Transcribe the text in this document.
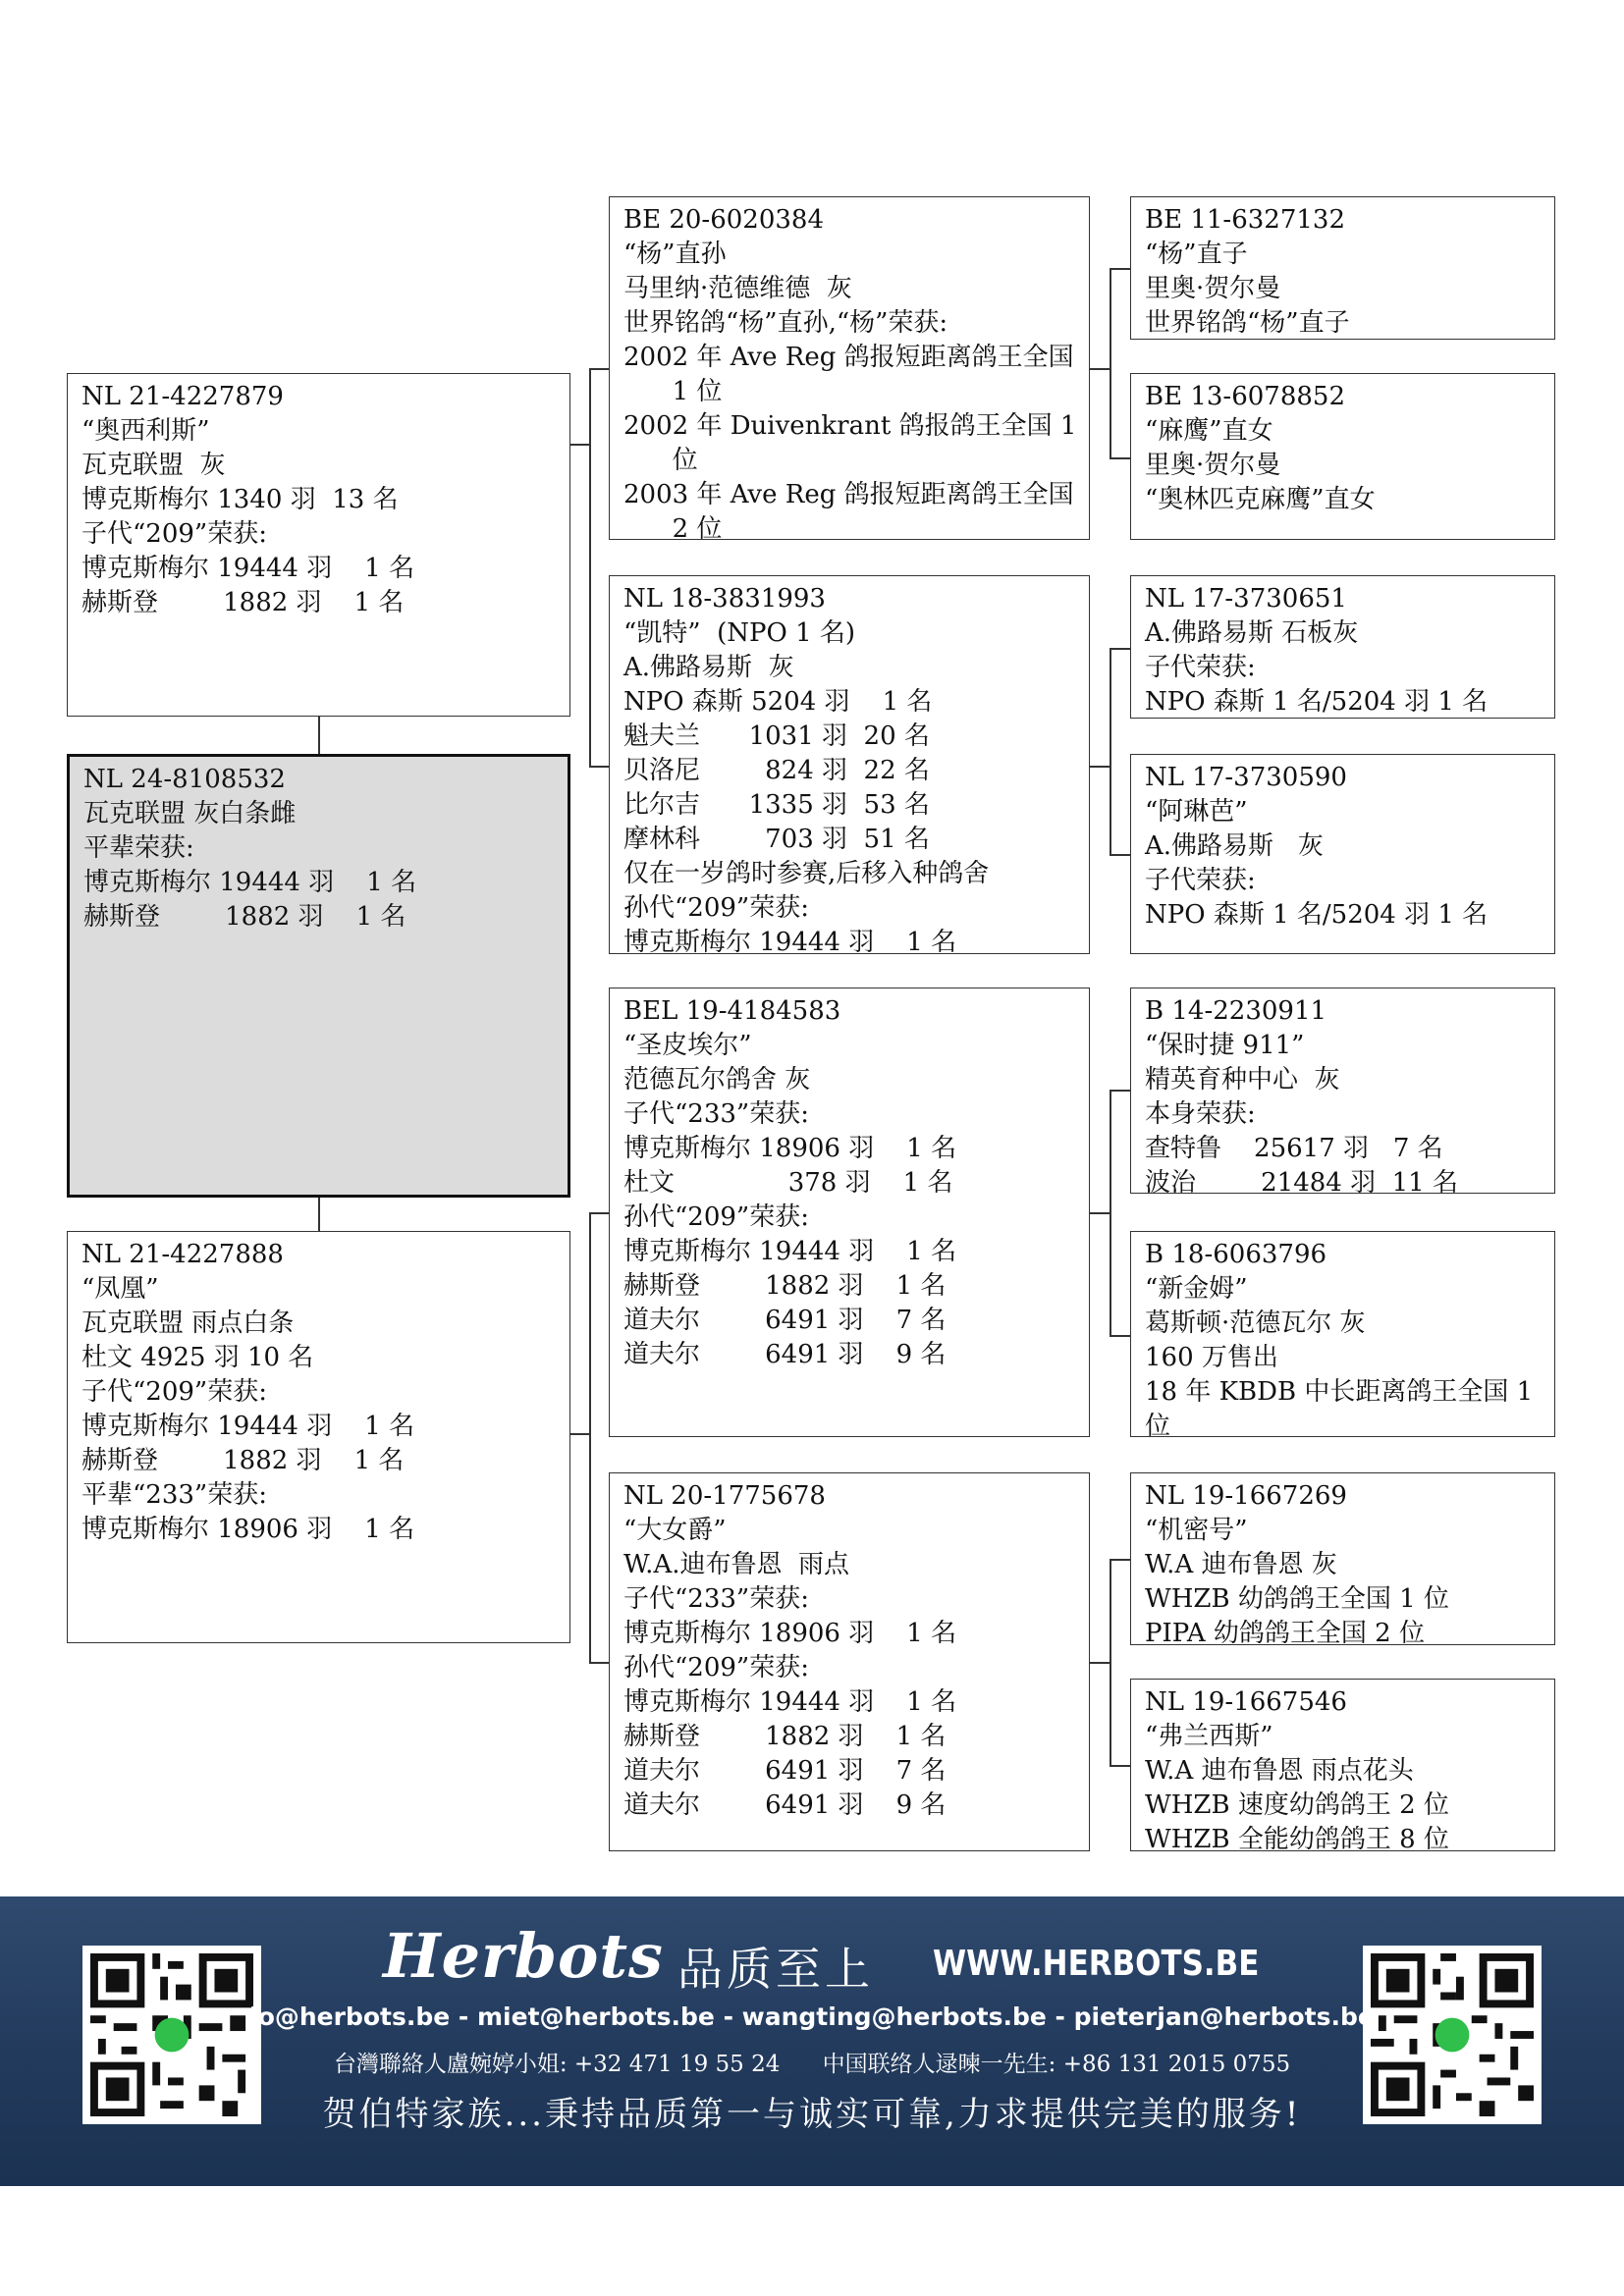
NL 24-8108532
瓦克联盟 灰白条雌
平辈荣获:
博克斯梅尔 19444 羽    1 名
赫斯登        1882 羽    1 名
NL 21-4227879
“奥西利斯”
瓦克联盟  灰
博克斯梅尔 1340 羽  13 名
子代“209”荣获:
博克斯梅尔 19444 羽    1 名
赫斯登        1882 羽    1 名
NL 21-4227888
“凤凰”
瓦克联盟 雨点白条
杜文 4925 羽 10 名
子代“209”荣获:
博克斯梅尔 19444 羽    1 名
赫斯登        1882 羽    1 名
平辈“233”荣获:
博克斯梅尔 18906 羽    1 名
BE 20-6020384
“杨”直孙
马里纳·范德维德  灰
世界铭鸽“杨”直孙,“杨”荣获:
2002 年 Ave Reg 鸽报短距离鸽王全国
1 位
2002 年 Duivenkrant 鸽报鸽王全国 1
位
2003 年 Ave Reg 鸽报短距离鸽王全国
2 位
NL 18-3831993
“凯特”  (NPO 1 名)
A.佛路易斯  灰
NPO 森斯 5204 羽    1 名
魁夫兰      1031 羽  20 名
贝洛尼        824 羽  22 名
比尔吉      1335 羽  53 名
摩林科        703 羽  51 名
仅在一岁鸽时参赛,后移入种鸽舍
孙代“209”荣获:
博克斯梅尔 19444 羽    1 名
BEL 19-4184583
“圣皮埃尔”
范德瓦尔鸽舍 灰
子代“233”荣获:
博克斯梅尔 18906 羽    1 名
杜文              378 羽    1 名
孙代“209”荣获:
博克斯梅尔 19444 羽    1 名
赫斯登        1882 羽    1 名
道夫尔        6491 羽    7 名
道夫尔        6491 羽    9 名
NL 20-1775678
“大女爵”
W.A.迪布鲁恩  雨点
子代“233”荣获:
博克斯梅尔 18906 羽    1 名
孙代“209”荣获:
博克斯梅尔 19444 羽    1 名
赫斯登        1882 羽    1 名
道夫尔        6491 羽    7 名
道夫尔        6491 羽    9 名
BE 11-6327132
“杨”直子
里奥·贺尔曼
世界铭鸽“杨”直子
BE 13-6078852
“麻鹰”直女
里奥·贺尔曼
“奥林匹克麻鹰”直女
NL 17-3730651
A.佛路易斯 石板灰
子代荣获:
NPO 森斯 1 名/5204 羽 1 名
NL 17-3730590
“阿琳芭”
A.佛路易斯   灰
子代荣获:
NPO 森斯 1 名/5204 羽 1 名
B 14-2230911
“保时捷 911”
精英育种中心  灰
本身荣获:
查特鲁    25617 羽   7 名
波治        21484 羽  11 名
B 18-6063796
“新金姆”
葛斯顿·范德瓦尔 灰
160 万售出
18 年 KBDB 中长距离鸽王全国 1
位
NL 19-1667269
“机密号”
W.A 迪布鲁恩 灰
WHZB 幼鸽鸽王全国 1 位
PIPA 幼鸽鸽王全国 2 位
NL 19-1667546
“弗兰西斯”
W.A 迪布鲁恩 雨点花头
WHZB 速度幼鸽鸽王 2 位
WHZB 全能幼鸽鸽王 8 位
Herbots 品质至上 WWW.HERBOTS.BE
jo@herbots.be - miet@herbots.be - wangting@herbots.be - pieterjan@herbots.be
台灣聯絡人盧婉婷小姐: +32 471 19 55 24 中国联络人逯暕一先生: +86 131 2015 0755
贺伯特家族...秉持品质第一与诚实可靠,力求提供完美的服务!
